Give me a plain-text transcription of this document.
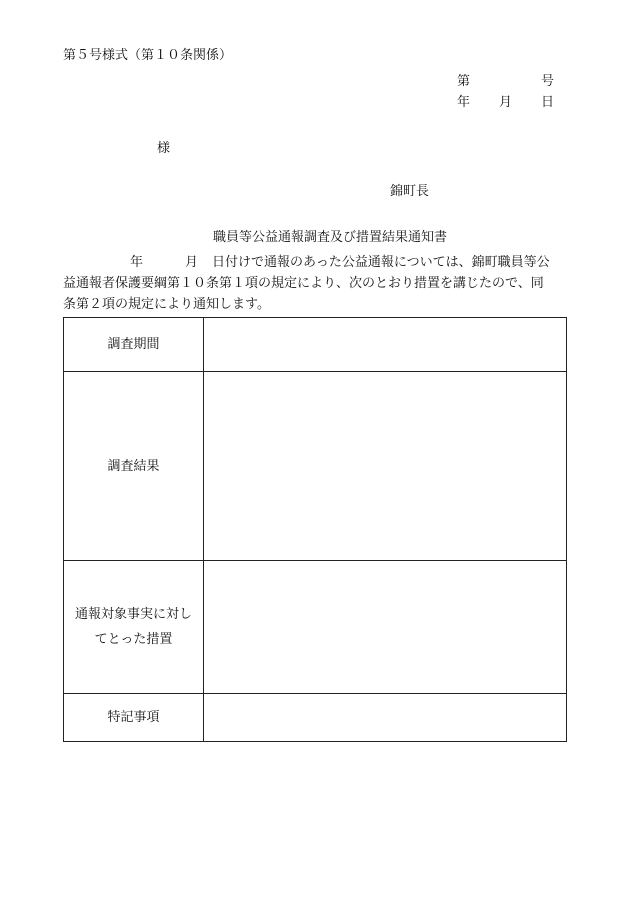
第５号様式（第１０条関係）
第	号
年 月 日
様
錦町長
職員等公益通報調査及び措置結果通知書
年	月 日付けで通報のあった公益通報については、錦町職員等公
益通報者保護要綱第１０条第１項の規定により、次のとおり措置を講じたので、同
条第２項の規定により通知します。
調査期間	
調査結果	

通報対象事実に対し
てとった措置	

特記事項	
